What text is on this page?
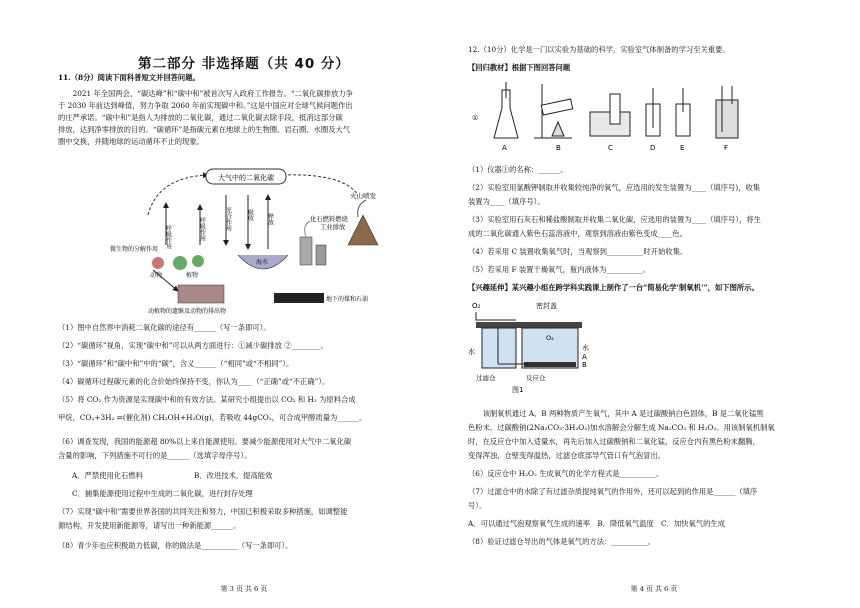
第二部分 非选择题（共 40 分）
11.（8分）阅读下面科普短文并回答问题。
2021 年全国两会，“碳达峰”和“碳中和”被首次写入政府工作报告。“二氧化碳排放力争
于 2030 年前达到峰值，努力争取 2060 年前实现碳中和。”这是中国应对全球气候问题作出
的庄严承诺。“碳中和”是指人为排放的二氧化碳，通过二氧化碳去除手段，抵消这部分碳
排放，达到净零排放的目的。“碳循环”是指碳元素在地球上的生物圈、岩石圈、水圈及大气
圈中交换，并随地球的运动循环不止的现象。
大气中的二氧化碳
火山喷发
化石燃料燃烧
工业排放
呼吸作用	呼吸作用	光合作用	吸收 释放
微生物的分解作用
动物	植物
海水
地下的煤和石油
动植物的遗骸及动物的排出物
（1）图中自然界中消耗二氧化碳的途径有______（写一条即可）。
（2）“碳循环”视角，实现“碳中和”可以从两方面进行：①减少碳排放 ②________。
（3）“碳循环”和“碳中和”中的“碳”，含义______（“相同”或“不相同”）。
（4）碳循环过程碳元素的化合价始终保持不变，你认为____（“正确”或“不正确”）。
（5）将 CO₂ 作为资源是实现碳中和的有效方法。某研究小组提出以 CO₂ 和 H₂ 为原料合成
甲烷，CO₂+3H₂ ⇌(催化剂) CH₃OH+H₂O(g)，若吸收 44gCO₂，可合成甲醇质量为______。
（6）调查发现，我国的能源超 80%以上来自能源使用。要减少能源使用对大气中二氧化碳
含量的影响，下列措施不可行的是______（选填字母序号）。
A．严禁使用化石燃料　　　　　　　B．改进技术，提高能效
C．捕集能源使用过程中生成的二氧化碳，进行封存处理
（7）实现“碳中和”需要世界各国的共同关注和努力，中国已积极采取多种措施，如调整能
源结构，开发使用新能源等，请写出一种新能源______。
（8）青少年也应积极助力低碳，你的做法是__________（写一条即可）。
第 3 页 共 6 页
12.（10分）化学是一门以实验为基础的科学，实验室气体制备的学习至关重要。
【回归教材】根据下图回答问题
①
A	B	C	D	E	F
（1）仪器①的名称：______。
（2）实验室用氯酸钾制取并收集较纯净的氧气，应选用的发生装置为____（填序号)，收集
装置为____（填序号）。
（3）实验室用石灰石和稀盐酸制取并收集二氧化碳，应选用的装置为____（填序号），将生
成的二氧化碳通入紫色石蕊溶液中，观察到溶液由紫色变成____色。
（4）若采用 C 装置收集氧气时，当观察到__________时开始收集。
（5）若采用 F 装置干燥氧气，瓶内液体为__________。
【兴趣延伸】某兴趣小组在跨学科实践课上制作了一台“简易化学‘制氧机’”，如下图所示。
O₂	密封盖
O₂
水	水
A
B
过滤仓	反应仓
图1
该制氧机通过 A、B 两种物质产生氧气，其中 A 是过碳酸钠白色固体，B 是二氧化锰黑
色粉末。过碳酸钠(2Na₂CO₃·3H₂O₂)加水溶解会分解生成 Na₂CO₃ 和 H₂O₂。用该制氧机制氧
时，在反应仓中加入适量水，再先后加入过碳酸钠和二氧化锰，反应仓内有黑色粉末翻腾，
变得浑浊，仓壁变得温热，过滤仓底部导气管口有气泡冒出。
（6）反应仓中 H₂O₂ 生成氧气的化学方程式是__________。
（7）过滤仓中的水除了有过滤杂质提纯氧气的作用外，还可以起到的作用是______（填序
号）。
A．可以通过气泡观察氧气生成的速率　B．降低氧气温度　C．加快氧气的生成
（8）验证过滤仓导出的气体是氧气的方法：__________。
第 4 页 共 6 页
